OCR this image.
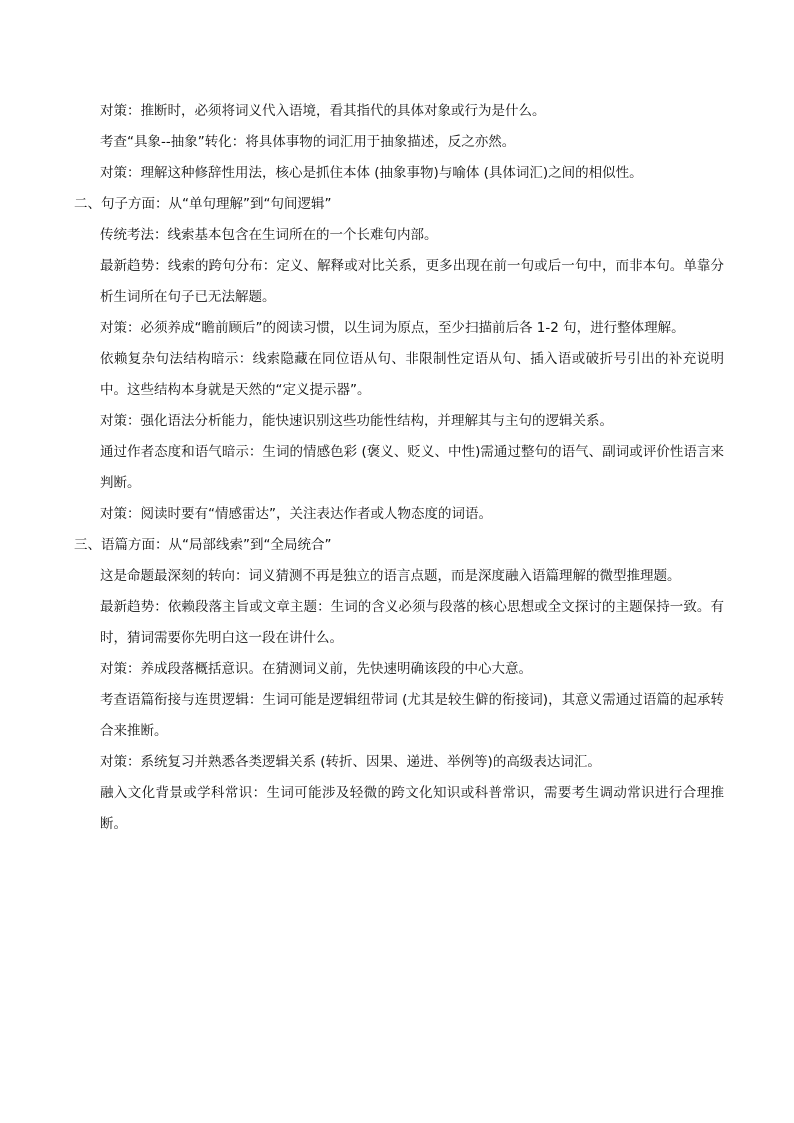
对策：推断时，必须将词义代入语境，看其指代的具体对象或行为是什么。

考查“具象--抽象”转化：将具体事物的词汇用于抽象描述，反之亦然。

对策：理解这种修辞性用法，核心是抓住本体 (抽象事物)与喻体 (具体词汇)之间的相似性。

二、句子方面：从“单句理解”到“句间逻辑”

传统考法：线索基本包含在生词所在的一个长难句内部。

最新趋势：线索的跨句分布：定义、解释或对比关系，更多出现在前一句或后一句中，而非本句。单靠分析生词所在句子已无法解题。

对策：必须养成“瞻前顾后”的阅读习惯，以生词为原点，至少扫描前后各 1-2 句，进行整体理解。

依赖复杂句法结构暗示：线索隐藏在同位语从句、非限制性定语从句、插入语或破折号引出的补充说明中。这些结构本身就是天然的“定义提示器”。

对策：强化语法分析能力，能快速识别这些功能性结构，并理解其与主句的逻辑关系。

通过作者态度和语气暗示：生词的情感色彩 (褒义、贬义、中性)需通过整句的语气、副词或评价性语言来判断。

对策：阅读时要有“情感雷达”，关注表达作者或人物态度的词语。

三、语篇方面：从“局部线索”到“全局统合”

这是命题最深刻的转向：词义猜测不再是独立的语言点题，而是深度融入语篇理解的微型推理题。

最新趋势：依赖段落主旨或文章主题：生词的含义必须与段落的核心思想或全文探讨的主题保持一致。有时，猜词需要你先明白这一段在讲什么。

对策：养成段落概括意识。在猜测词义前，先快速明确该段的中心大意。

考查语篇衔接与连贯逻辑：生词可能是逻辑纽带词 (尤其是较生僻的衔接词)，其意义需通过语篇的起承转合来推断。

对策：系统复习并熟悉各类逻辑关系 (转折、因果、递进、举例等)的高级表达词汇。

融入文化背景或学科常识：生词可能涉及轻微的跨文化知识或科普常识，需要考生调动常识进行合理推断。
